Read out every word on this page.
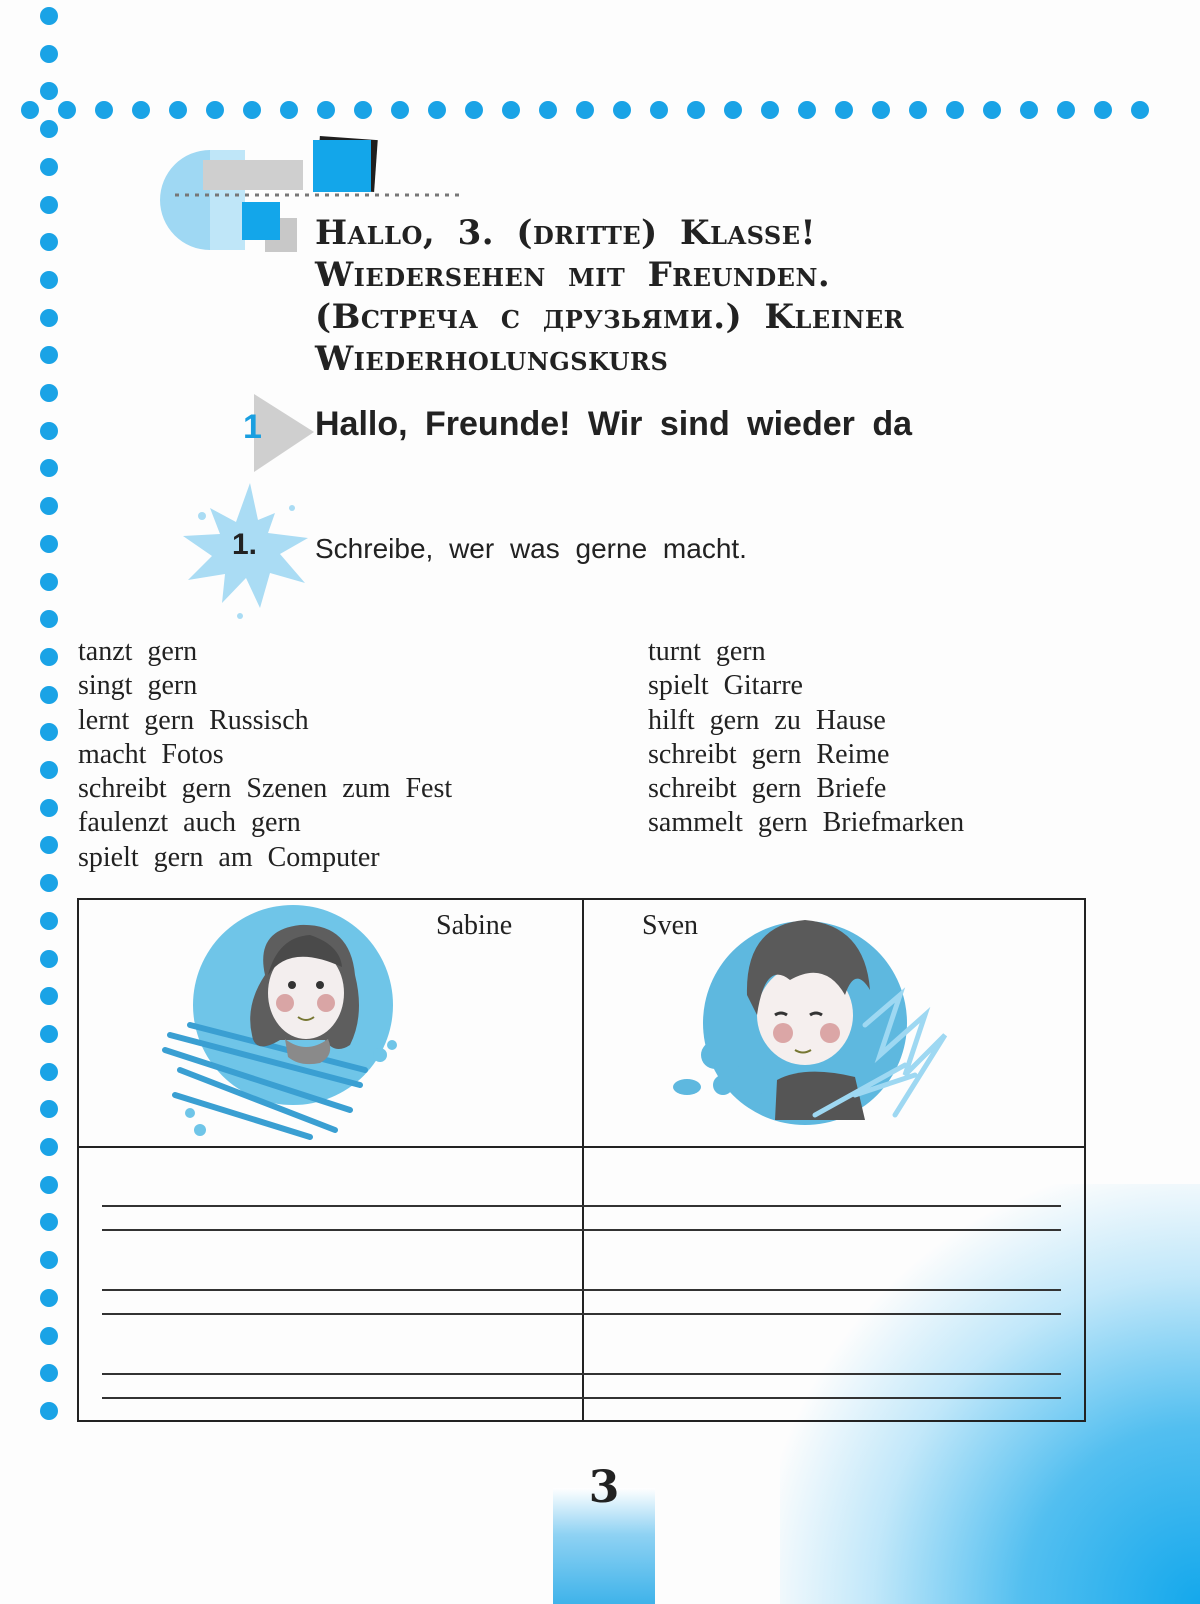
Hallo, 3. (dritte) Klasse!
Wiedersehen mit Freunden.
(Встреча с друзьями.) Kleiner
Wiederholungskurs
1 Hallo, Freunde! Wir sind wieder da
1. Schreibe, wer was gerne macht.
tanzt gern
singt gern
lernt gern Russisch
macht Fotos
schreibt gern Szenen zum Fest
faulenzt auch gern
spielt gern am Computer
turnt gern
spielt Gitarre
hilft gern zu Hause
schreibt gern Reime
schreibt gern Briefe
sammelt gern Briefmarken
Sabine	Sven
3
